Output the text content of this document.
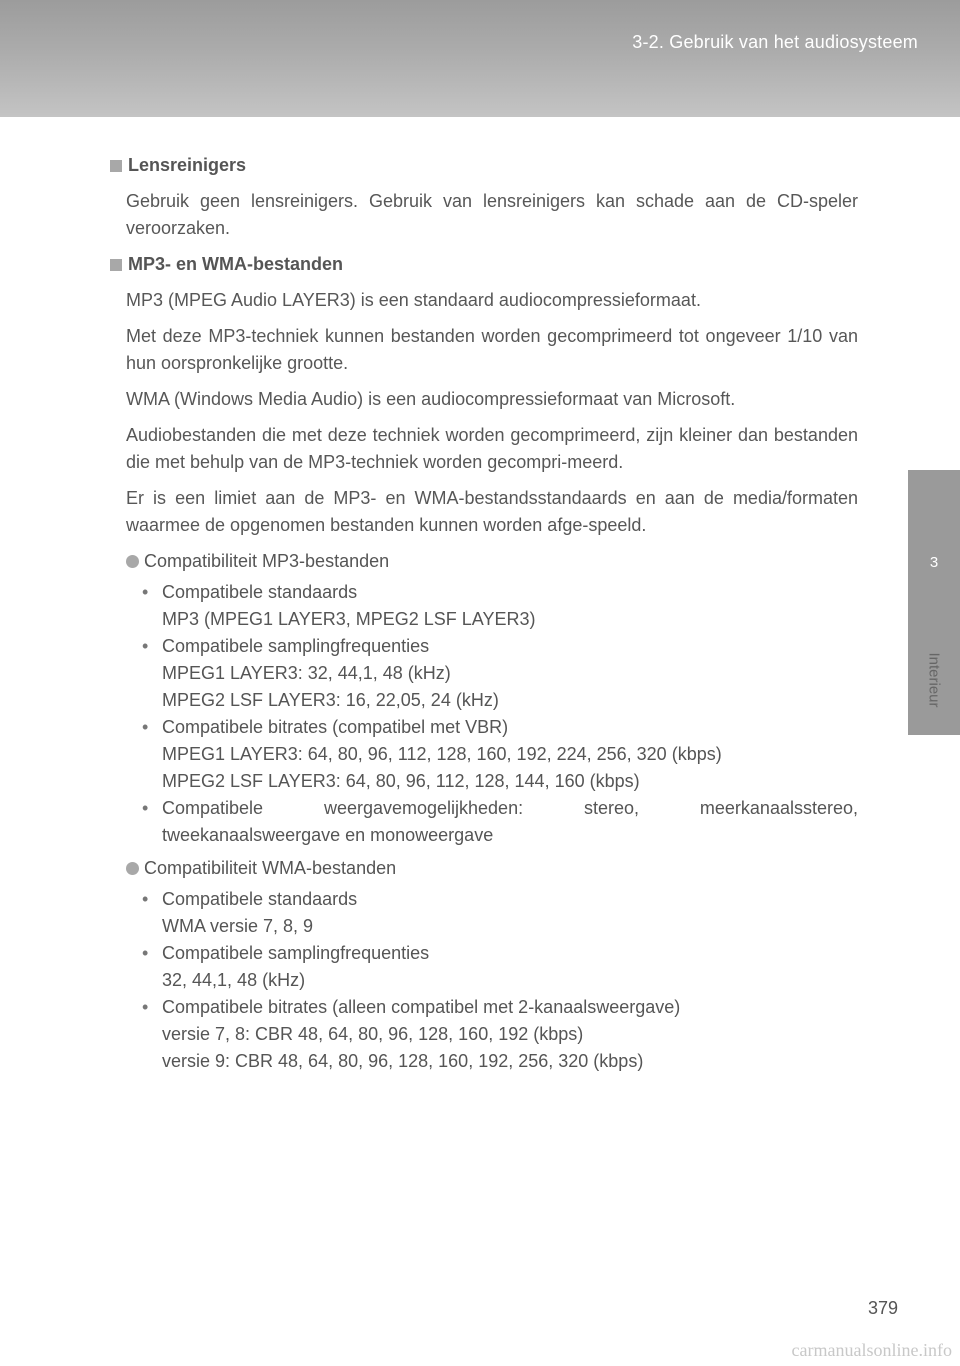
3-2. Gebruik van het audiosysteem
3
Interieur
Lensreinigers

Gebruik geen lensreinigers. Gebruik van lensreinigers kan schade aan de CD-speler veroorzaken.

MP3- en WMA-bestanden

MP3 (MPEG Audio LAYER3) is een standaard audiocompressieformaat.

Met deze MP3-techniek kunnen bestanden worden gecomprimeerd tot ongeveer 1/10 van hun oorspronkelijke grootte.

WMA (Windows Media Audio) is een audiocompressieformaat van Microsoft.

Audiobestanden die met deze techniek worden gecomprimeerd, zijn kleiner dan bestanden die met behulp van de MP3-techniek worden gecompri-meerd.

Er is een limiet aan de MP3- en WMA-bestandsstandaards en aan de media/formaten waarmee de opgenomen bestanden kunnen worden afge-speeld.

Compatibiliteit MP3-bestanden
• Compatibele standaards
MP3 (MPEG1 LAYER3, MPEG2 LSF LAYER3)
• Compatibele samplingfrequenties
MPEG1 LAYER3: 32, 44,1, 48 (kHz)
MPEG2 LSF LAYER3: 16, 22,05, 24 (kHz)
• Compatibele bitrates (compatibel met VBR)
MPEG1 LAYER3: 64, 80, 96, 112, 128, 160, 192, 224, 256, 320 (kbps)
MPEG2 LSF LAYER3: 64, 80, 96, 112, 128, 144, 160 (kbps)
• Compatibele weergavemogelijkheden: stereo, meerkanaalsstereo,
tweekanaalsweergave en monoweergave
Compatibiliteit WMA-bestanden
• Compatibele standaards
WMA versie 7, 8, 9
• Compatibele samplingfrequenties
32, 44,1, 48 (kHz)
• Compatibele bitrates (alleen compatibel met 2-kanaalsweergave)
versie 7, 8: CBR 48, 64, 80, 96, 128, 160, 192 (kbps)
versie 9: CBR 48, 64, 80, 96, 128, 160, 192, 256, 320 (kbps)
379
carmanualsonline.info
